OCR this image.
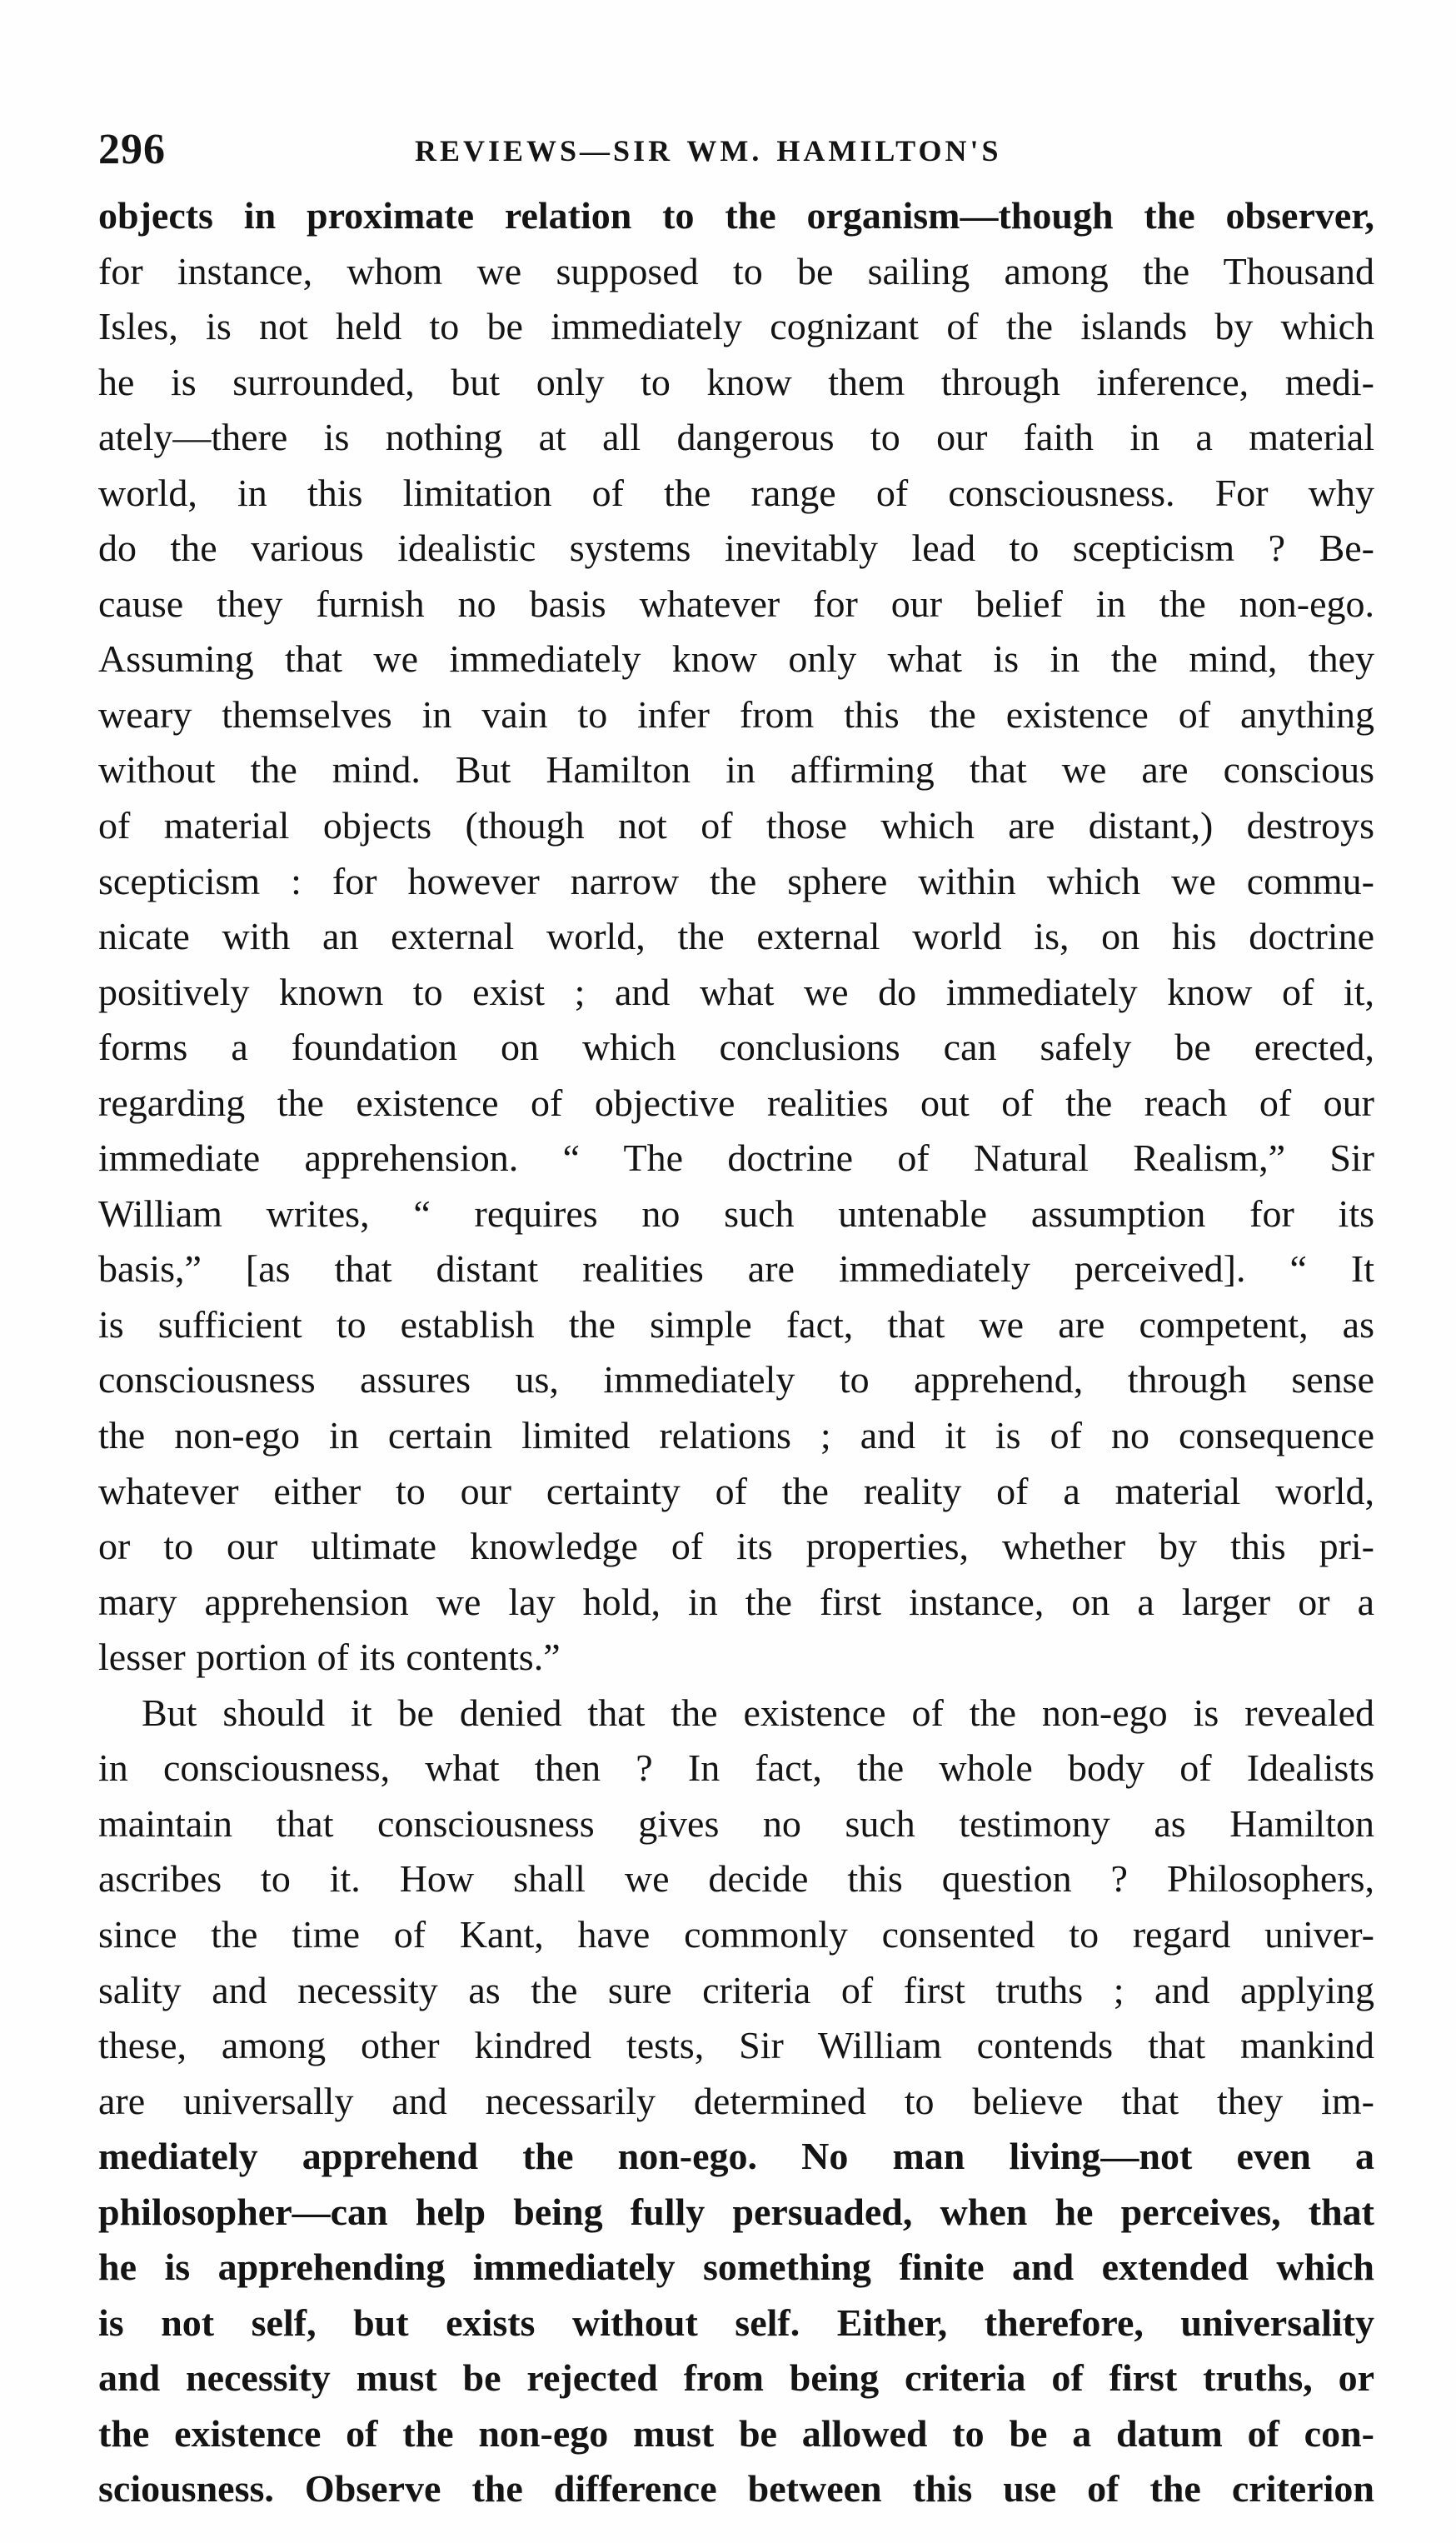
296	REVIEWS—SIR WM. HAMILTON'S
objects in proximate relation to the organism—though the observer,
for instance, whom we supposed to be sailing among the Thousand
Isles, is not held to be immediately cognizant of the islands by which
he is surrounded, but only to know them through inference, medi-
ately—there is nothing at all dangerous to our faith in a material
world, in this limitation of the range of consciousness. For why
do the various idealistic systems inevitably lead to scepticism ? Be-
cause they furnish no basis whatever for our belief in the non-ego.
Assuming that we immediately know only what is in the mind, they
weary themselves in vain to infer from this the existence of anything
without the mind. But Hamilton in affirming that we are conscious
of material objects (though not of those which are distant,) destroys
scepticism : for however narrow the sphere within which we commu-
nicate with an external world, the external world is, on his doctrine
positively known to exist ; and what we do immediately know of it,
forms a foundation on which conclusions can safely be erected,
regarding the existence of objective realities out of the reach of our
immediate apprehension. “ The doctrine of Natural Realism,” Sir
William writes, “ requires no such untenable assumption for its
basis,” [as that distant realities are immediately perceived]. “ It
is sufficient to establish the simple fact, that we are competent, as
consciousness assures us, immediately to apprehend, through sense
the non-ego in certain limited relations ; and it is of no consequence
whatever either to our certainty of the reality of a material world,
or to our ultimate knowledge of its properties, whether by this pri-
mary apprehension we lay hold, in the first instance, on a larger or a
lesser portion of its contents.”
But should it be denied that the existence of the non-ego is revealed
in consciousness, what then ? In fact, the whole body of Idealists
maintain that consciousness gives no such testimony as Hamilton
ascribes to it. How shall we decide this question ? Philosophers,
since the time of Kant, have commonly consented to regard univer-
sality and necessity as the sure criteria of first truths ; and applying
these, among other kindred tests, Sir William contends that mankind
are universally and necessarily determined to believe that they im-
mediately apprehend the non-ego. No man living—not even a
philosopher—can help being fully persuaded, when he perceives, that
he is apprehending immediately something finite and extended which
is not self, but exists without self. Either, therefore, universality
and necessity must be rejected from being criteria of first truths, or
the existence of the non-ego must be allowed to be a datum of con-
sciousness. Observe the difference between this use of the criterion
